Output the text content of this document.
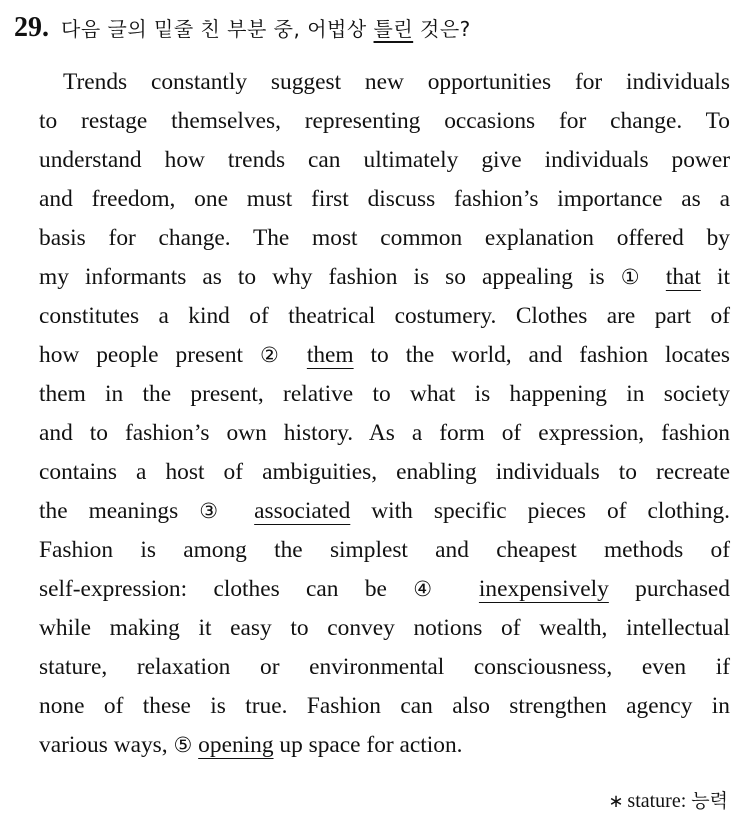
29. 다음 글의 밑줄 친 부분 중, 어법상 틀린 것은?
Trends constantly suggest new opportunities for individuals
to restage themselves, representing occasions for change. To
understand how trends can ultimately give individuals power
and freedom, one must first discuss fashion’s importance as a
basis for change. The most common explanation offered by
my informants as to why fashion is so appealing is ① that it
constitutes a kind of theatrical costumery. Clothes are part of
how people present ② them to the world, and fashion locates
them in the present, relative to what is happening in society
and to fashion’s own history. As a form of expression, fashion
contains a host of ambiguities, enabling individuals to recreate
the meanings ③ associated with specific pieces of clothing.
Fashion is among the simplest and cheapest methods of
self-expression: clothes can be ④ inexpensively purchased
while making it easy to convey notions of wealth, intellectual
stature, relaxation or environmental consciousness, even if
none of these is true. Fashion can also strengthen agency in
various ways, ⑤ opening up space for action.
∗ stature: 능력
